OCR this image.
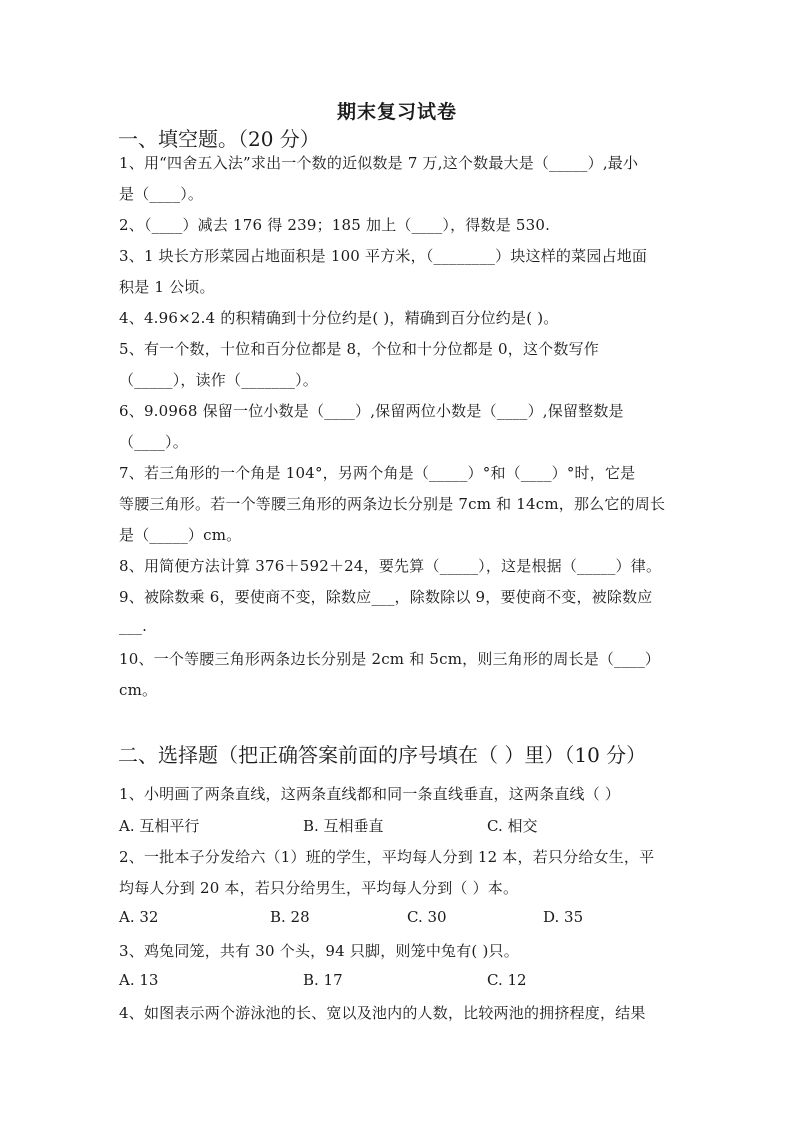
期末复习试卷
一、填空题。（20 分）
1、用“四舍五入法”求出一个数的近似数是 7 万,这个数最大是（_____）,最小
是（____）。
2、（____）减去 176 得 239；185 加上（____），得数是 530.
3、1 块长方形菜园占地面积是 100 平方米，（________）块这样的菜园占地面
积是 1 公顷。
4、4.96×2.4 的积精确到十分位约是( )，精确到百分位约是( )。
5、有一个数，十位和百分位都是 8，个位和十分位都是 0，这个数写作
（_____），读作（_______）。
6、9.0968 保留一位小数是（____）,保留两位小数是（____）,保留整数是
（____）。
7、若三角形的一个角是 104°，另两个角是（_____）°和（____）°时，它是
等腰三角形。若一个等腰三角形的两条边长分别是 7cm 和 14cm，那么它的周长
是（_____）cm。
8、用简便方法计算 376＋592＋24，要先算（_____），这是根据（_____）律。
9、被除数乘 6，要使商不变，除数应___，除数除以 9，要使商不变，被除数应
___.
10、一个等腰三角形两条边长分别是 2cm 和 5cm，则三角形的周长是（____）
cm。
二、选择题（把正确答案前面的序号填在（ ）里）（10 分）
1、小明画了两条直线，这两条直线都和同一条直线垂直，这两条直线（ ）
A. 互相平行	B. 互相垂直	C. 相交
2、一批本子分发给六（1）班的学生，平均每人分到 12 本，若只分给女生，平
均每人分到 20 本，若只分给男生，平均每人分到（ ）本。
A. 32	B. 28	C. 30	D. 35
3、鸡兔同笼，共有 30 个头，94 只脚，则笼中兔有( )只。
A. 13	B. 17	C. 12
4、如图表示两个游泳池的长、宽以及池内的人数，比较两池的拥挤程度，结果
